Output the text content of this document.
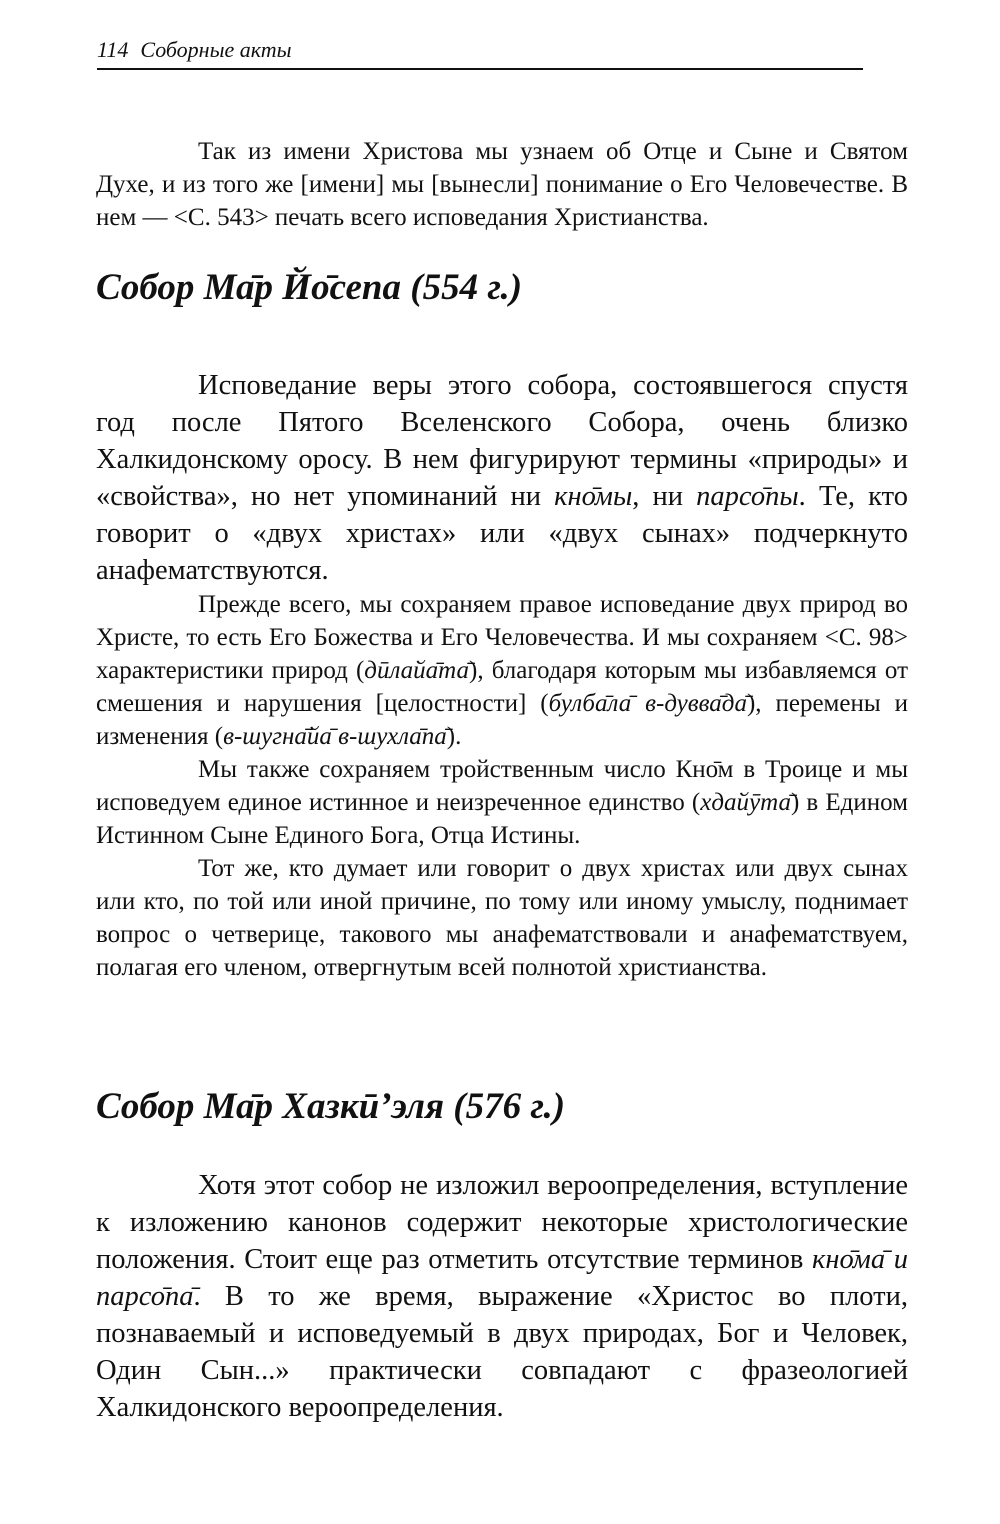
114 Соборные акты

Так из имени Христова мы узнаем об Отце и Сыне и Святом Духе, и из того же [имени] мы [вынесли] понимание о Его Человечестве. В нем — <С. 543> печать всего исповедания Христианства.

Собор Ма̄р Йо̄сепа (554 г.)

Исповедание веры этого собора, состоявшегося спустя год после Пятого Вселенского Собора, очень близко Халкидонскому оросу. В нем фигурируют термины «природы» и «свойства», но нет упоминаний ни кно̄мы, ни парсо̄пы. Те, кто говорит о «двух христах» или «двух сынах» подчеркнуто анафематствуются.

Прежде всего, мы сохраняем правое исповедание двух природ во Христе, то есть Его Божества и Его Человечества. И мы сохраняем <С. 98> характеристики природ (дӣлайа̄та̄), благодаря которым мы избавляемся от смешения и нарушения [целостности] (булба̄ла̄ в-дувва̄да̄), перемены и изменения (в-шугна̄йа̄ в-шухла̄па̄).

Мы также сохраняем тройственным число Кно̄м в Троице и мы исповедуем единое истинное и неизреченное единство (хдайӯта̄) в Едином Истинном Сыне Единого Бога, Отца Истины.

Тот же, кто думает или говорит о двух христах или двух сынах или кто, по той или иной причине, по тому или иному умыслу, поднимает вопрос о четверице, такового мы анафематствовали и анафематствуем, полагая его членом, отвергнутым всей полнотой христианства.

Собор Ма̄р Хазкӣ’эля (576 г.)

Хотя этот собор не изложил вероопределения, вступление к изложению канонов содержит некоторые христологические положения. Стоит еще раз отметить отсутствие терминов кно̄ма̄ и парсо̄па̄. В то же время, выражение «Христос во плоти, познаваемый и исповедуемый в двух природах, Бог и Человек, Один Сын...» практически совпадают с фразеологией Халкидонского вероопределения.
